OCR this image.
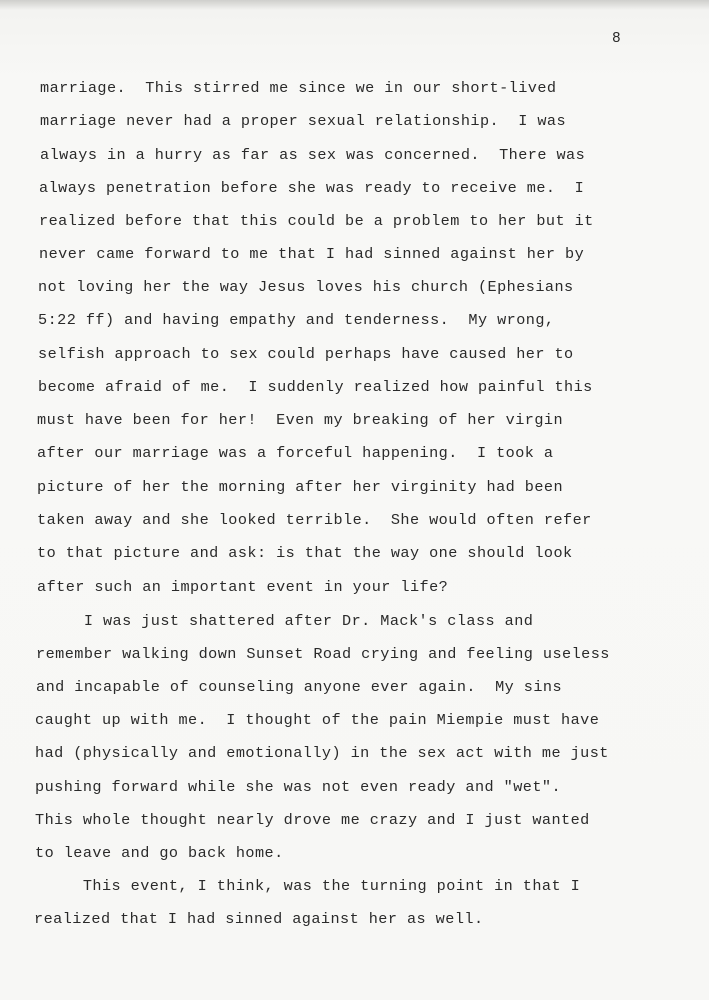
8
marriage.  This stirred me since we in our short-lived
marriage never had a proper sexual relationship.  I was
always in a hurry as far as sex was concerned.  There was
always penetration before she was ready to receive me.  I
realized before that this could be a problem to her but it
never came forward to me that I had sinned against her by
not loving her the way Jesus loves his church (Ephesians
5:22 ff) and having empathy and tenderness.  My wrong,
selfish approach to sex could perhaps have caused her to
become afraid of me.  I suddenly realized how painful this
must have been for her!  Even my breaking of her virgin
after our marriage was a forceful happening.  I took a
picture of her the morning after her virginity had been
taken away and she looked terrible.  She would often refer
to that picture and ask: is that the way one should look
after such an important event in your life?
I was just shattered after Dr. Mack's class and
remember walking down Sunset Road crying and feeling useless
and incapable of counseling anyone ever again.  My sins
caught up with me.  I thought of the pain Miempie must have
had (physically and emotionally) in the sex act with me just
pushing forward while she was not even ready and "wet".
This whole thought nearly drove me crazy and I just wanted
to leave and go back home.
This event, I think, was the turning point in that I
realized that I had sinned against her as well.
